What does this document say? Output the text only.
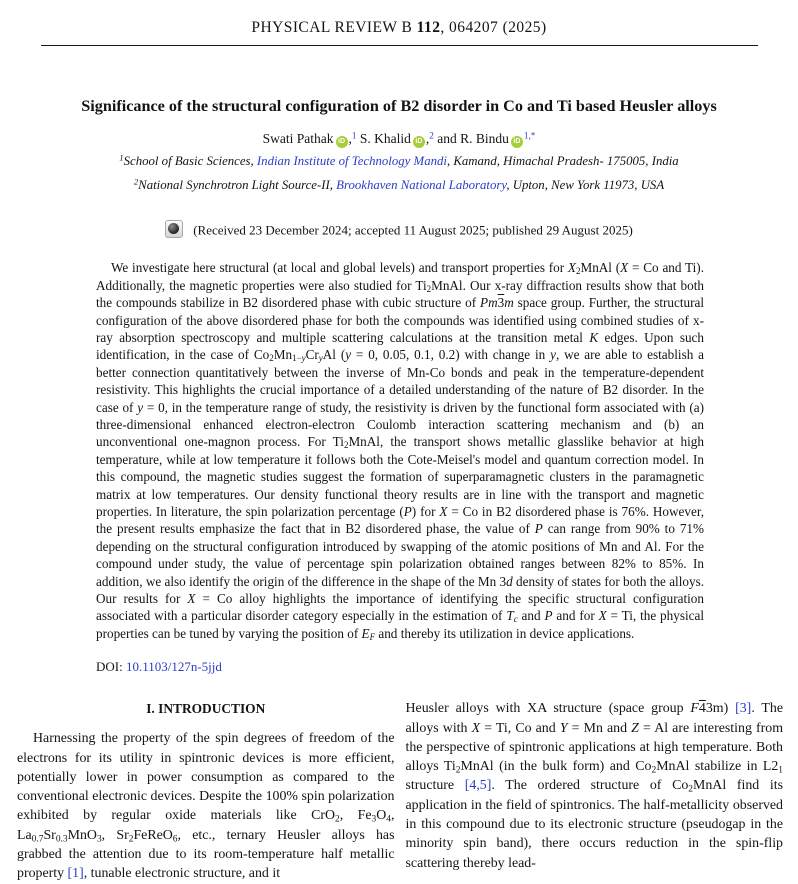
PHYSICAL REVIEW B 112, 064207 (2025)
Significance of the structural configuration of B2 disorder in Co and Ti based Heusler alloys
Swati Pathak iD ,$^1$ S. Khalid iD ,$^2$ and R. Bindu $iD^{1,*}$
$^1$School of Basic Sciences, Indian Institute of Technology Mandi, Kamand, Himachal Pradesh- 175005, India
$^2$National Synchrotron Light Source-II, Brookhaven National Laboratory, Upton, New York 11973, USA
(Received 23 December 2024; accepted 11 August 2025; published 29 August 2025)

We investigate here structural (at local and global levels) and transport properties for $X_2MnAl$ (X = Co and Ti). Additionally, the magnetic properties were also studied for $Ti_2MnAl$. Our x-ray diffraction results show that both the compounds stabilize in B2 disordered phase with cubic structure of Pm3m space group. Further, the structural configuration of the above disordered phase for both the compounds was identified using combined studies of x-ray absorption spectroscopy and multiple scattering calculations at the transition metal K edges. Upon such identification, in the case of $Co_2Mn_{1-y}Cr_yAl$ (y = 0, 0.05, 0.1, 0.2) with change in y, we are able to establish a better connection quantitatively between the inverse of Mn-Co bonds and peak in the temperature-dependent resistivity. This highlights the crucial importance of a detailed understanding of the nature of B2 disorder. In the case of y = 0, in the temperature range of study, the resistivity is driven by the functional form associated with (a) three-dimensional enhanced electron-electron Coulomb interaction scattering mechanism and (b) an unconventional one-magnon process. For $Ti_2MnAl$, the transport shows metallic glasslike behavior at high temperature, while at low temperature it follows both the Cote-Meisel's model and quantum correction model. In this compound, the magnetic studies suggest the formation of superparamagnetic clusters in the paramagnetic matrix at low temperatures. Our density functional theory results are in line with the transport and magnetic properties. In literature, the spin polarization percentage (P) for X = Co in B2 disordered phase is 76%. However, the present results emphasize the fact that in B2 disordered phase, the value of P can range from 90% to 71% depending on the structural configuration introduced by swapping of the atomic positions of Mn and Al. For the compound under study, the value of percentage spin polarization obtained ranges between 82% to 85%. In addition, we also identify the origin of the difference in the shape of the Mn 3d density of states for both the alloys. Our results for X = Co alloy highlights the importance of identifying the specific structural configuration associated with a particular disorder category especially in the estimation of $T_c$ and P and for X = Ti, the physical properties can be tuned by varying the position of $E_F$ and thereby its utilization in device applications.

DOI: 10.1103/127n-5jjd
I. INTRODUCTION

Harnessing the property of the spin degrees of freedom of the electrons for its utility in spintronic devices is more efficient, potentially lower in power consumption as compared to the conventional electronic devices. Despite the 100% spin polarization exhibited by regular oxide materials like CrO$_2$, $Fe_3O_4$, $La_{0.7}Sr_{0.3}MnO_3$, $Sr_2FeReO_6$, etc., ternary Heusler alloys has grabbed the attention due to its room-temperature half metallic property [1], tunable electronic structure, and it

Heusler alloys with XA structure (space group F43m) [3]. The alloys with X = Ti, Co and Y = Mn and Z = Al are interesting from the perspective of spintronic applications at high temperature. Both alloys $Ti_2MnAl$ (in the bulk form) and $Co_2MnAl$ stabilize in $L2_1$ structure [4,5]. The ordered structure of $Co_2MnAl$ find its application in the field of spintronics. The half-metallicity observed in this compound due to its electronic structure (pseudogap in the minority spin band), there occurs reduction in the spin-flip scattering thereby lead-
